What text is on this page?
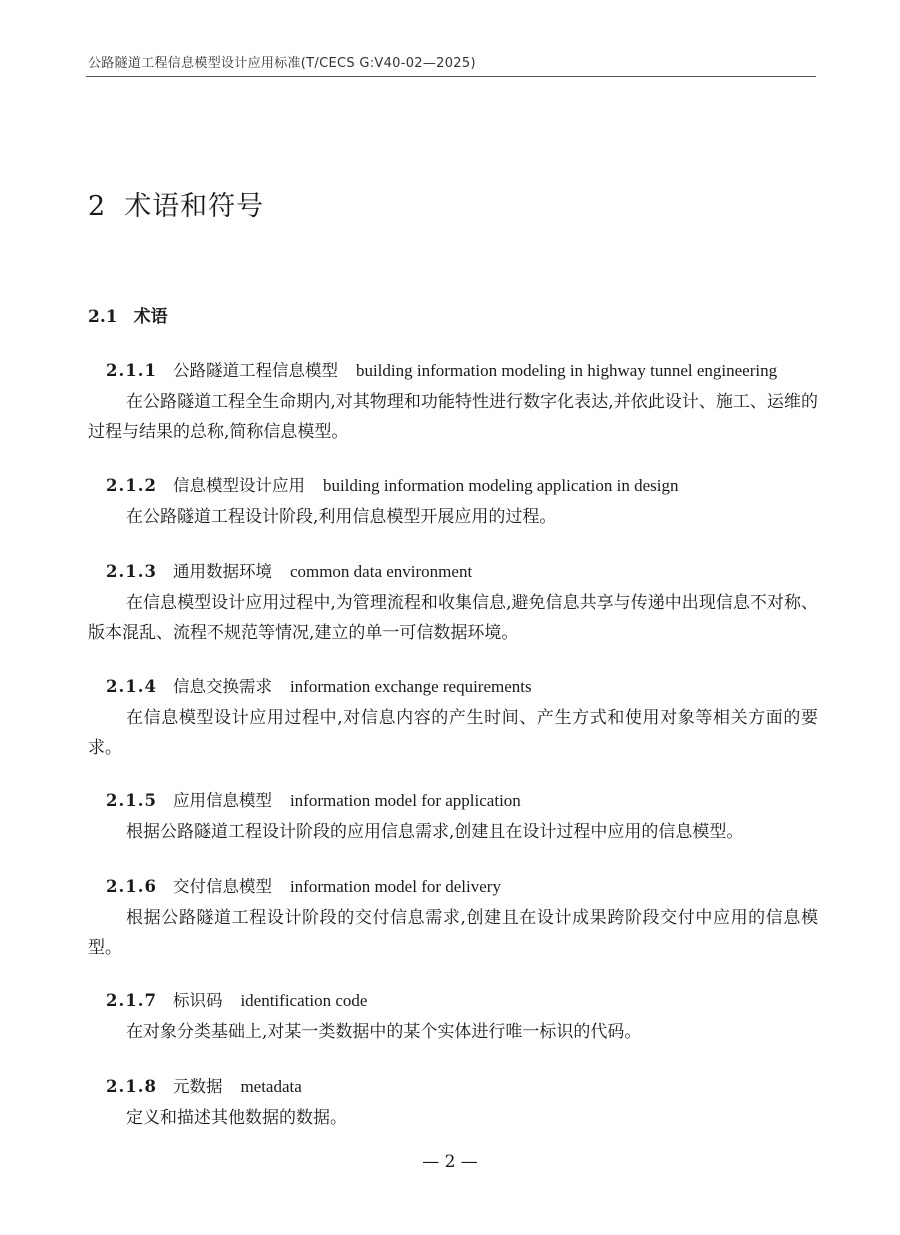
公路隧道工程信息模型设计应用标准(T/CECS G:V40-02—2025)
2 术语和符号
2.1 术语
2.1.1 公路隧道工程信息模型 building information modeling in highway tunnel engineering

在公路隧道工程全生命期内,对其物理和功能特性进行数字化表达,并依此设计、施工、运维的过程与结果的总称,简称信息模型。

2.1.2 信息模型设计应用 building information modeling application in design

在公路隧道工程设计阶段,利用信息模型开展应用的过程。

2.1.3 通用数据环境 common data environment

在信息模型设计应用过程中,为管理流程和收集信息,避免信息共享与传递中出现信息不对称、版本混乱、流程不规范等情况,建立的单一可信数据环境。

2.1.4 信息交换需求 information exchange requirements

在信息模型设计应用过程中,对信息内容的产生时间、产生方式和使用对象等相关方面的要求。

2.1.5 应用信息模型 information model for application

根据公路隧道工程设计阶段的应用信息需求,创建且在设计过程中应用的信息模型。

2.1.6 交付信息模型 information model for delivery

根据公路隧道工程设计阶段的交付信息需求,创建且在设计成果跨阶段交付中应用的信息模型。

2.1.7 标识码 identification code

在对象分类基础上,对某一类数据中的某个实体进行唯一标识的代码。

2.1.8 元数据 metadata

定义和描述其他数据的数据。

— 2 —
